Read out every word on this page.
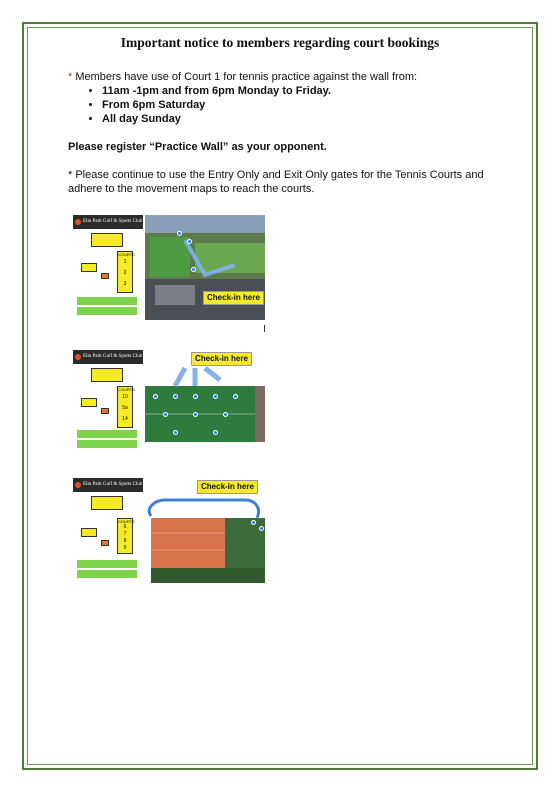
Important notice to members regarding court bookings

* Members have use of Court 1 for tennis practice against the wall from:

• 11am -1pm and from 6pm Monday to Friday.
• From 6pm Saturday
• All day Sunday

Please register “Practice Wall” as your opponent.

* Please continue to use the Entry Only and Exit Only gates for the Tennis Courts and adhere to the movement maps to reach the courts.

Elm Park Golf & Sports Club
COURTS
1
2
3
Check-in here
Elm Park Golf & Sports Club
COURTS
10
5a
14
Check-in here
Elm Park Golf & Sports Club
COURTS
6
7
8
9
Check-in here
